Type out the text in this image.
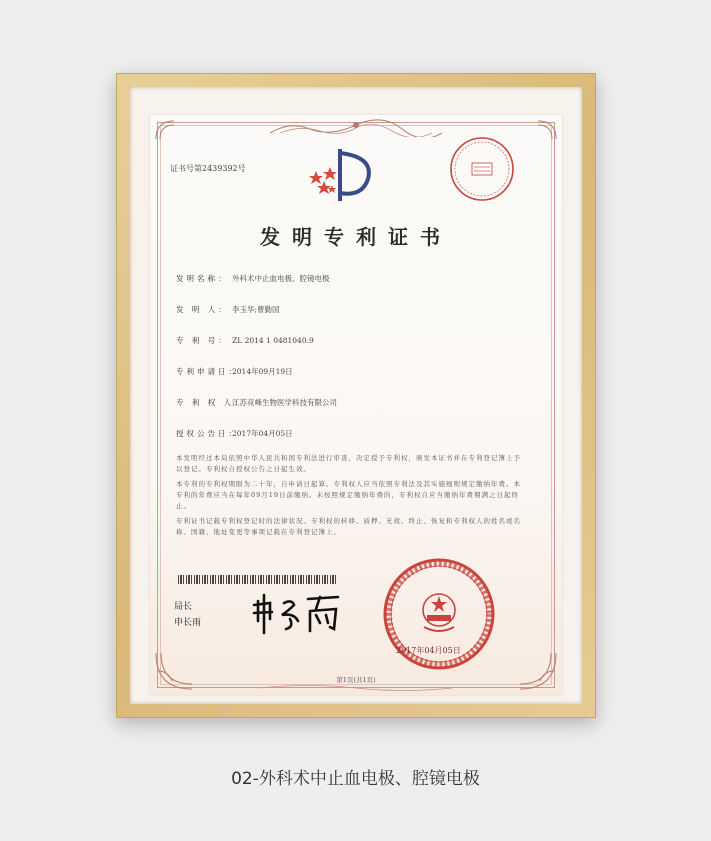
证书号第2439392号
发明专利证书
发明名称： 外科术中止血电极、腔镜电极
发 明 人： 李玉华;曹勤国
专 利 号： ZL 2014 1 0481040.9
专利申请日：2014年09月19日
专 利 权 人：江苏竞峰生物医学科技有限公司
授权公告日：2017年04月05日
本发明经过本局依照中华人民共和国专利法进行审查，决定授予专利权，颁发本证书并在专利登记簿上予以登记。专利权自授权公告之日起生效。
本专利的专利权期限为二十年，自申请日起算。专利权人应当依照专利法及其实施细则规定缴纳年费。本专利的年费应当在每年09月19日前缴纳。未按照规定缴纳年费的，专利权自应当缴纳年费期满之日起终止。
专利证书记载专利权登记时的法律状况。专利权的转移、质押、无效、终止、恢复和专利权人的姓名或名称、国籍、地址变更等事项记载在专利登记簿上。
局长
申长雨
2017年04月05日
第1页(共1页)
02-外科术中止血电极、腔镜电极
